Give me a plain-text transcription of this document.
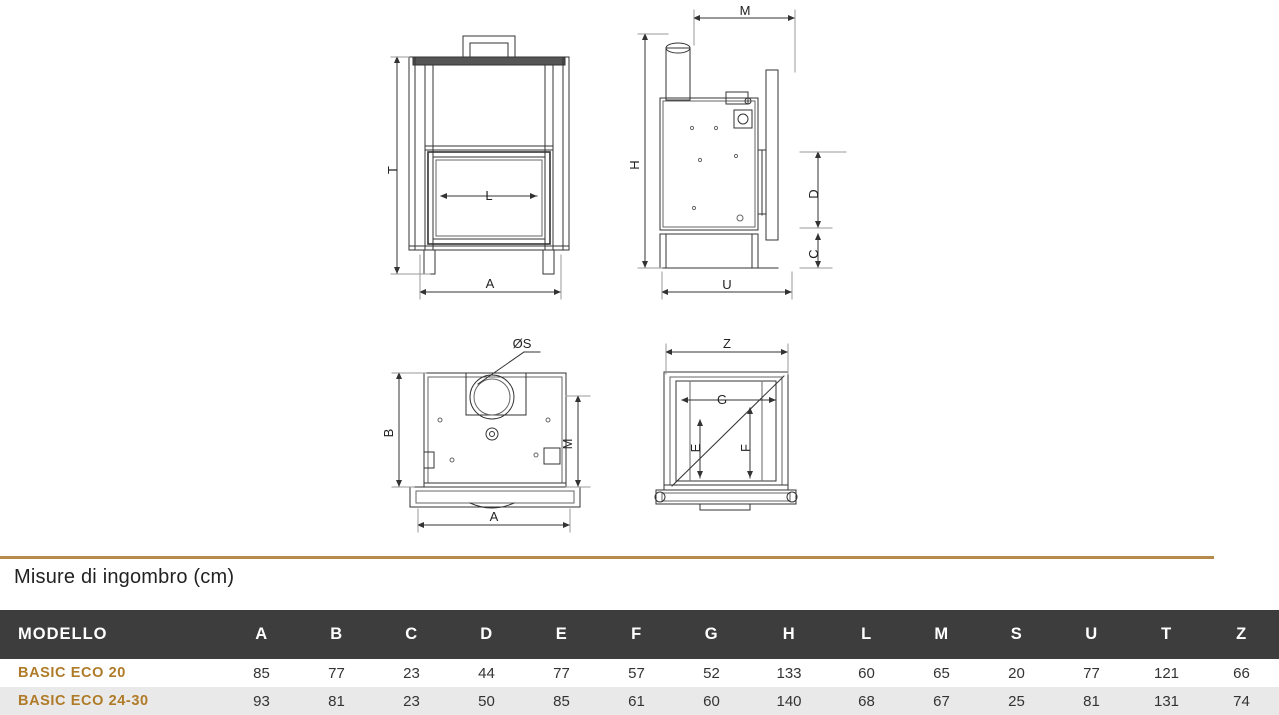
T
L
A
M
H
U
D
C
ØS
B
M
A
Z
G
E	F
Misure di ingombro (cm)
MODELLO	A	B	C	D	E	F	G	H	L	M	S	U	T	Z
BASIC ECO 20	85	77	23	44	77	57	52	133	60	65	20	77	121	66
BASIC ECO 24-30	93	81	23	50	85	61	60	140	68	67	25	81	131	74
